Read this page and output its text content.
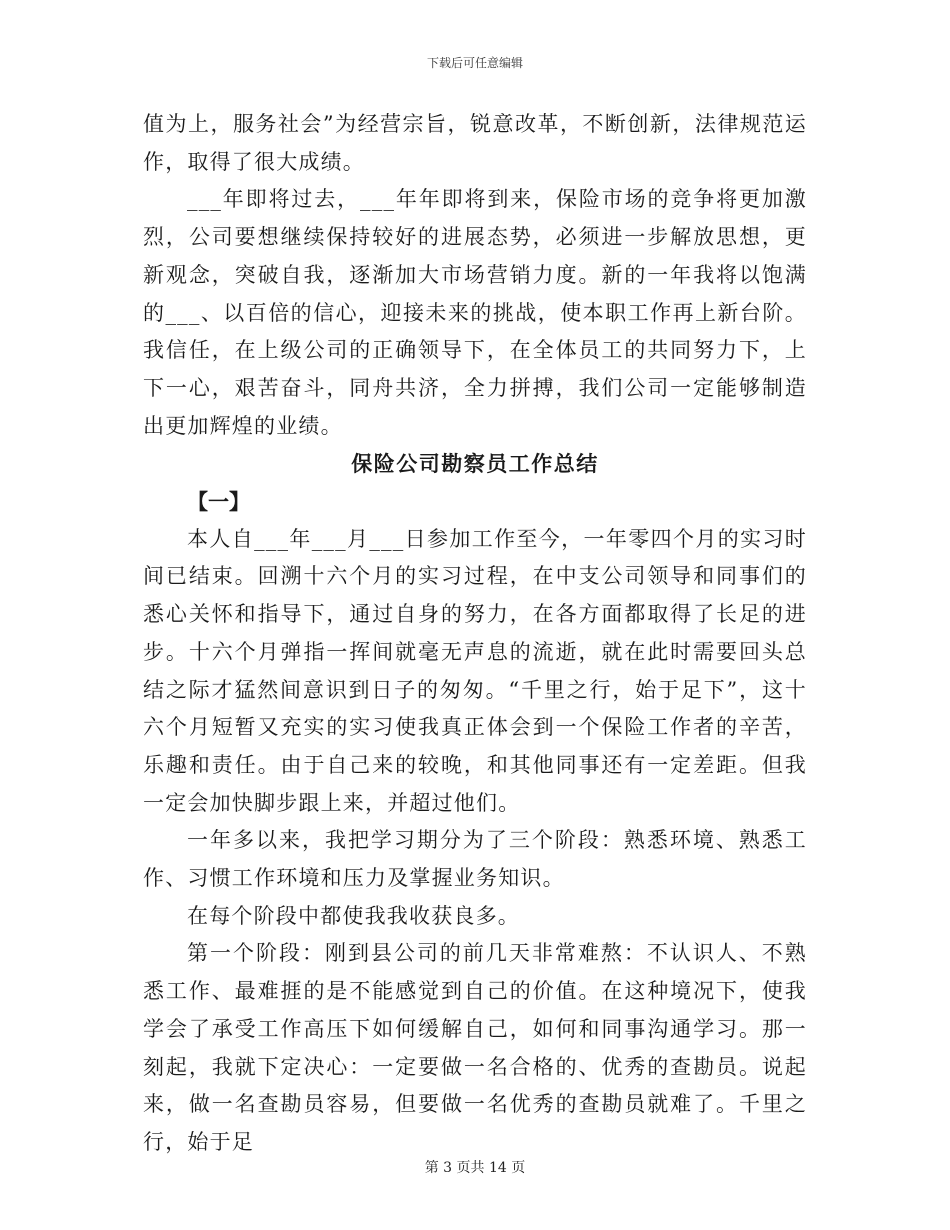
下载后可任意编辑

值为上，服务社会”为经营宗旨，锐意改革，不断创新，法律规范运作，取得了很大成绩。

___年即将过去，___年年即将到来，保险市场的竞争将更加激烈，公司要想继续保持较好的进展态势，必须进一步解放思想，更新观念，突破自我，逐渐加大市场营销力度。新的一年我将以饱满的___、以百倍的信心，迎接未来的挑战，使本职工作再上新台阶。我信任，在上级公司的正确领导下，在全体员工的共同努力下，上下一心，艰苦奋斗，同舟共济，全力拼搏，我们公司一定能够制造出更加辉煌的业绩。

保险公司勘察员工作总结

【一】

本人自___年___月___日参加工作至今，一年零四个月的实习时间已结束。回溯十六个月的实习过程，在中支公司领导和同事们的悉心关怀和指导下，通过自身的努力，在各方面都取得了长足的进步。十六个月弹指一挥间就毫无声息的流逝，就在此时需要回头总结之际才猛然间意识到日子的匆匆。“千里之行，始于足下”，这十六个月短暂又充实的实习使我真正体会到一个保险工作者的辛苦，乐趣和责任。由于自己来的较晚，和其他同事还有一定差距。但我一定会加快脚步跟上来，并超过他们。

一年多以来，我把学习期分为了三个阶段：熟悉环境、熟悉工作、习惯工作环境和压力及掌握业务知识。

在每个阶段中都使我我收获良多。

第一个阶段：刚到县公司的前几天非常难熬：不认识人、不熟悉工作、最难捱的是不能感觉到自己的价值。在这种境况下，使我学会了承受工作高压下如何缓解自己，如何和同事沟通学习。那一刻起，我就下定决心：一定要做一名合格的、优秀的查勘员。说起来，做一名查勘员容易，但要做一名优秀的查勘员就难了。千里之行，始于足

第 3 页共 14 页
